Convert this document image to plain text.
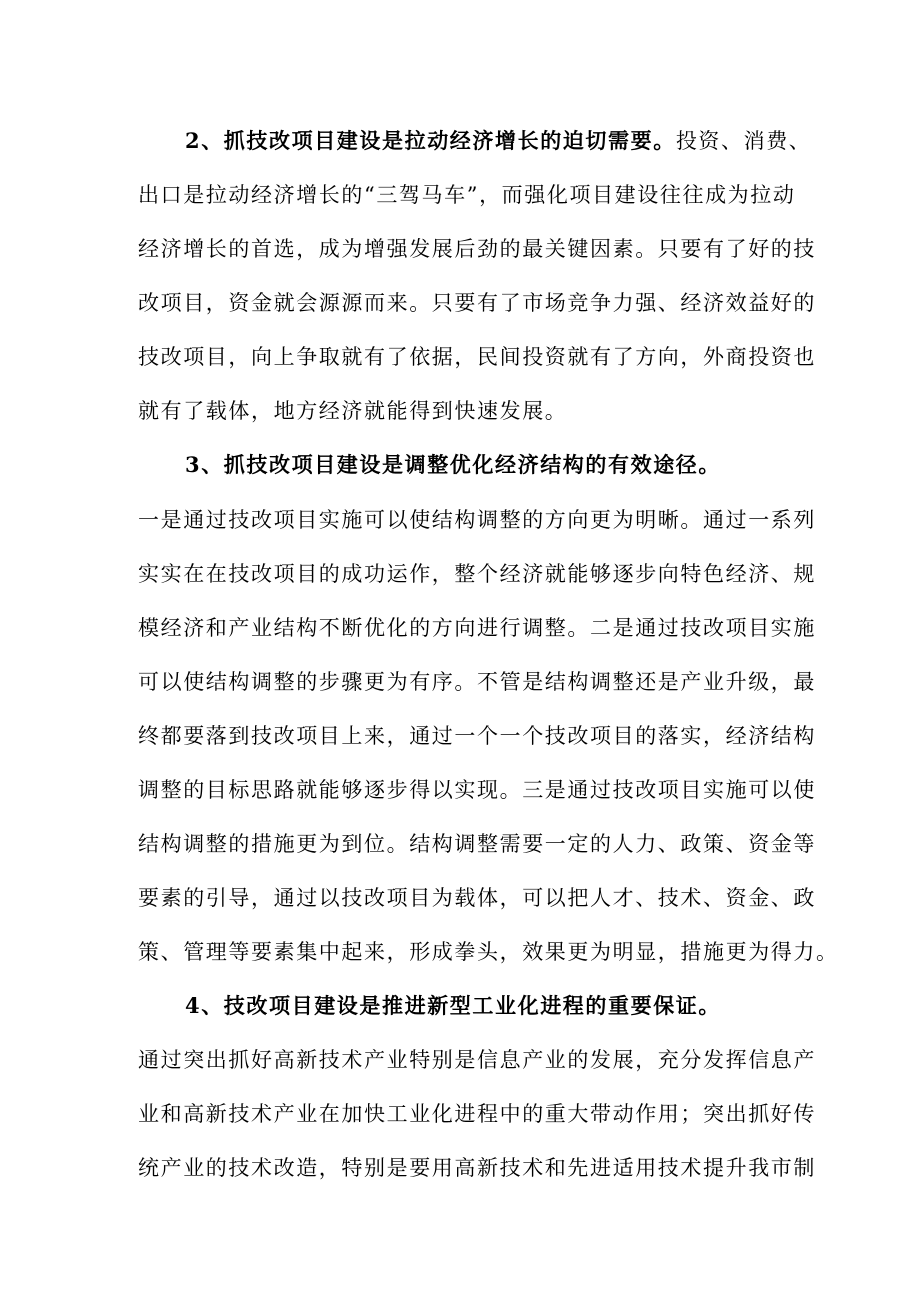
2、抓技改项目建设是拉动经济增长的迫切需要。投资、消费、
出口是拉动经济增长的“三驾马车”，而强化项目建设往往成为拉动
经济增长的首选，成为增强发展后劲的最关键因素。只要有了好的技
改项目，资金就会源源而来。只要有了市场竞争力强、经济效益好的
技改项目，向上争取就有了依据，民间投资就有了方向，外商投资也
就有了载体，地方经济就能得到快速发展。
3、抓技改项目建设是调整优化经济结构的有效途径。
一是通过技改项目实施可以使结构调整的方向更为明晰。通过一系列
实实在在技改项目的成功运作，整个经济就能够逐步向特色经济、规
模经济和产业结构不断优化的方向进行调整。二是通过技改项目实施
可以使结构调整的步骤更为有序。不管是结构调整还是产业升级，最
终都要落到技改项目上来，通过一个一个技改项目的落实，经济结构
调整的目标思路就能够逐步得以实现。三是通过技改项目实施可以使
结构调整的措施更为到位。结构调整需要一定的人力、政策、资金等
要素的引导，通过以技改项目为载体，可以把人才、技术、资金、政
策、管理等要素集中起来，形成拳头，效果更为明显，措施更为得力。
4、技改项目建设是推进新型工业化进程的重要保证。
通过突出抓好高新技术产业特别是信息产业的发展，充分发挥信息产
业和高新技术产业在加快工业化进程中的重大带动作用；突出抓好传
统产业的技术改造，特别是要用高新技术和先进适用技术提升我市制
